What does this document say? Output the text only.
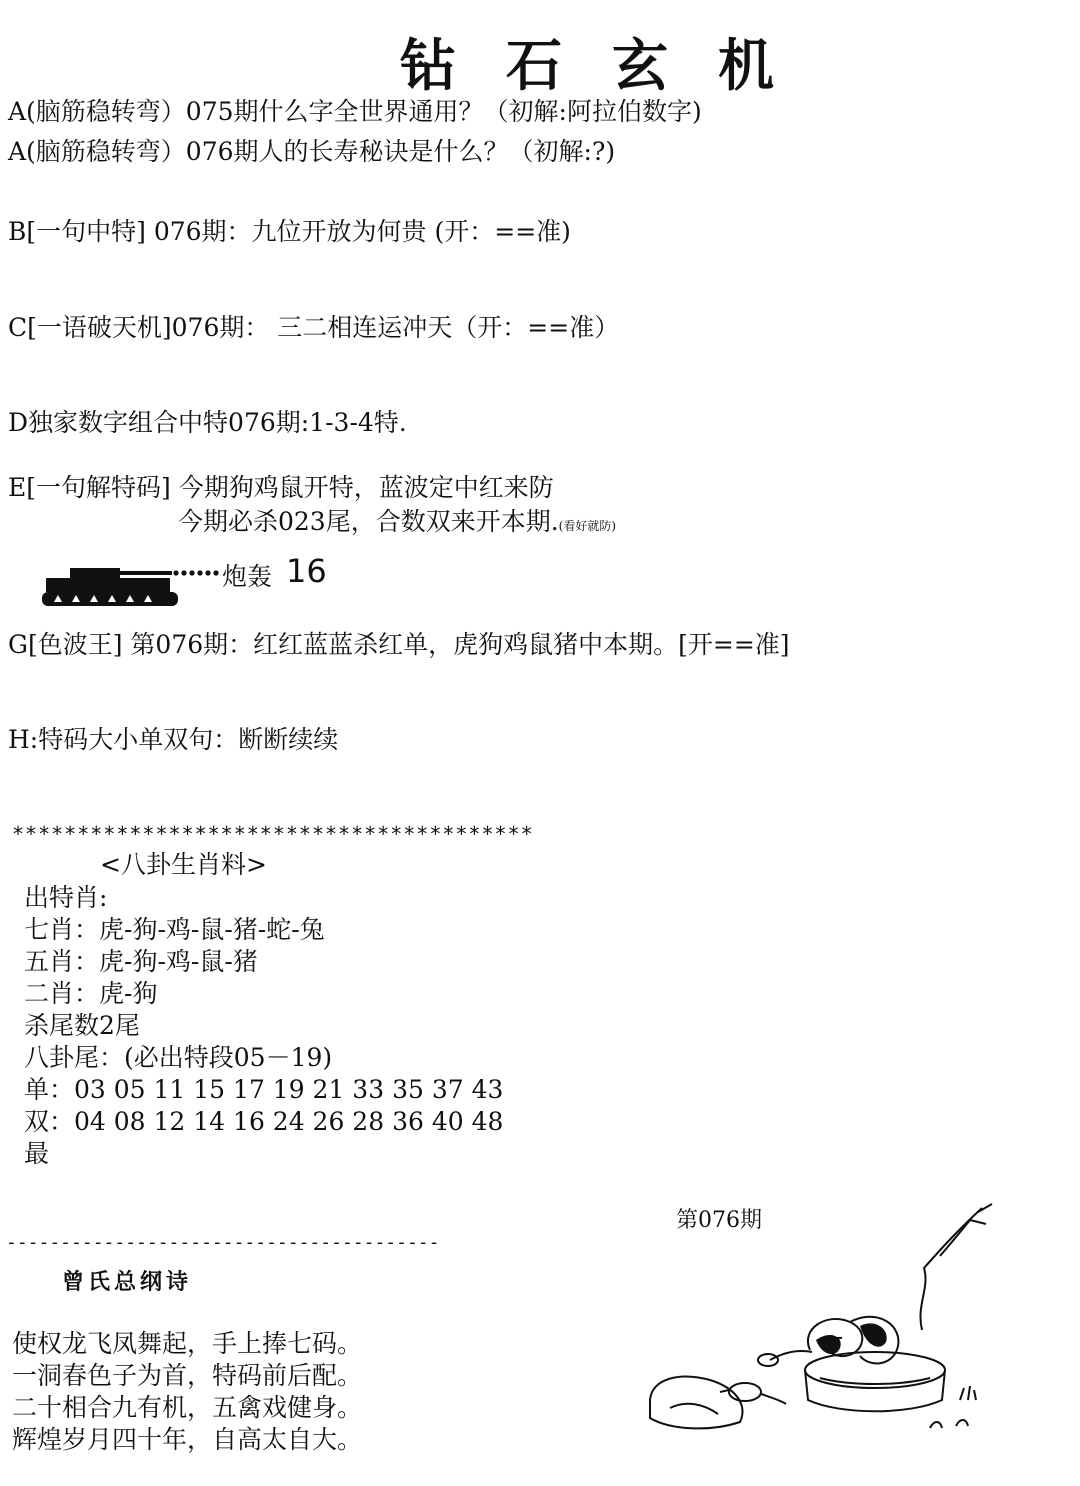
钻石玄机
A(脑筋稳转弯）075期什么字全世界通用？（初解:阿拉伯数字)
A(脑筋稳转弯）076期人的长寿秘诀是什么？（初解:?)
B[一句中特] 076期：九位开放为何贵 (开：==准)
C[一语破天机]076期： 三二相连运冲天（开：==准）
D独家数字组合中特076期:1-3-4特.
E[一句解特码] 今期狗鸡鼠开特，蓝波定中红来防
今期必杀023尾，合数双来开本期.(看好就防)
炮轰 16
G[色波王] 第076期：红红蓝蓝杀红单，虎狗鸡鼠猪中本期。[开==准]
H:特码大小单双句：断断续续
****************************************
<八卦生肖料>
出特肖:
七肖：虎-狗-鸡-鼠-猪-蛇-兔
五肖：虎-狗-鸡-鼠-猪
二肖：虎-狗
杀尾数2尾
八卦尾：(必出特段05－19)
单：03 05 11 15 17 19 21 33 35 37 43
双：04 08 12 14 16 24 26 28 36 40 48
最
第076期
----------------------------------------
曾氏总纲诗
使权龙飞凤舞起，手上捧七码。
一洞春色子为首，特码前后配。
二十相合九有机，五禽戏健身。
辉煌岁月四十年，自高太自大。
